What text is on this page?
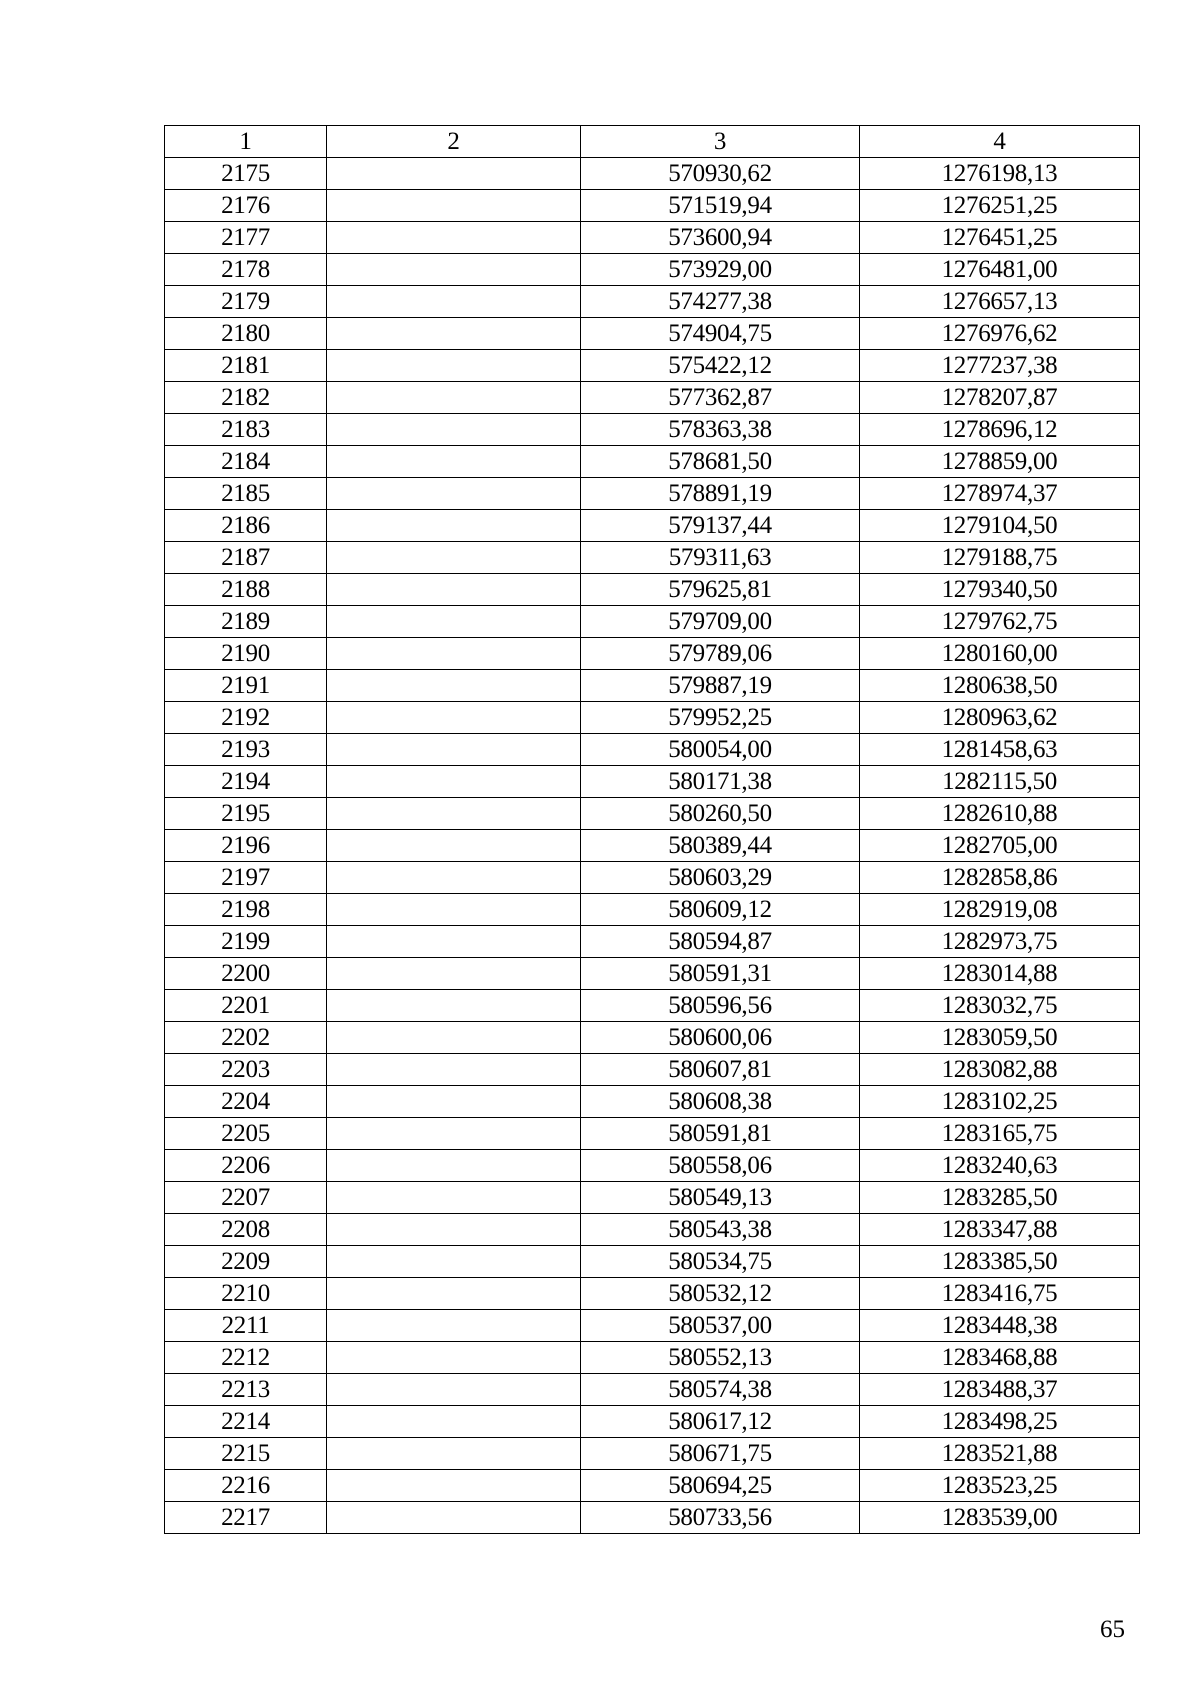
1	2	3	4
2175		570930,62	1276198,13
2176		571519,94	1276251,25
2177		573600,94	1276451,25
2178		573929,00	1276481,00
2179		574277,38	1276657,13
2180		574904,75	1276976,62
2181		575422,12	1277237,38
2182		577362,87	1278207,87
2183		578363,38	1278696,12
2184		578681,50	1278859,00
2185		578891,19	1278974,37
2186		579137,44	1279104,50
2187		579311,63	1279188,75
2188		579625,81	1279340,50
2189		579709,00	1279762,75
2190		579789,06	1280160,00
2191		579887,19	1280638,50
2192		579952,25	1280963,62
2193		580054,00	1281458,63
2194		580171,38	1282115,50
2195		580260,50	1282610,88
2196		580389,44	1282705,00
2197		580603,29	1282858,86
2198		580609,12	1282919,08
2199		580594,87	1282973,75
2200		580591,31	1283014,88
2201		580596,56	1283032,75
2202		580600,06	1283059,50
2203		580607,81	1283082,88
2204		580608,38	1283102,25
2205		580591,81	1283165,75
2206		580558,06	1283240,63
2207		580549,13	1283285,50
2208		580543,38	1283347,88
2209		580534,75	1283385,50
2210		580532,12	1283416,75
2211		580537,00	1283448,38
2212		580552,13	1283468,88
2213		580574,38	1283488,37
2214		580617,12	1283498,25
2215		580671,75	1283521,88
2216		580694,25	1283523,25
2217		580733,56	1283539,00
65
